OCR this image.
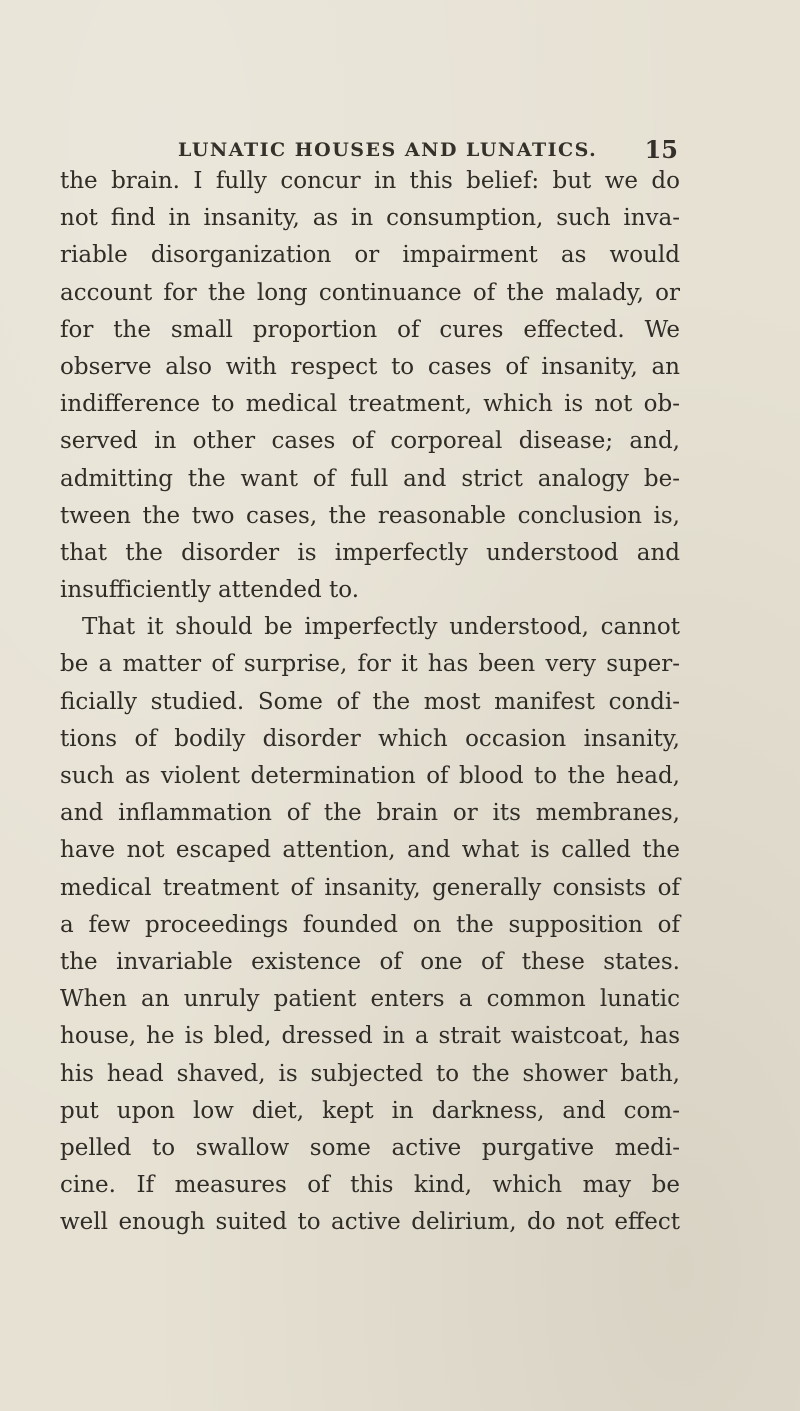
LUNATIC HOUSES AND LUNATICS. 15
the brain. I fully concur in this belief: but we do
not find in insanity, as in consumption, such inva-
riable disorganization or impairment as would
account for the long continuance of the malady, or
for the small proportion of cures effected. We
observe also with respect to cases of insanity, an
indifference to medical treatment, which is not ob-
served in other cases of corporeal disease; and,
admitting the want of full and strict analogy be-
tween the two cases, the reasonable conclusion is,
that the disorder is imperfectly understood and
insufficiently attended to.
That it should be imperfectly understood, cannot
be a matter of surprise, for it has been very super-
ficially studied. Some of the most manifest condi-
tions of bodily disorder which occasion insanity,
such as violent determination of blood to the head,
and inflammation of the brain or its membranes,
have not escaped attention, and what is called the
medical treatment of insanity, generally consists of
a few proceedings founded on the supposition of
the invariable existence of one of these states.
When an unruly patient enters a common lunatic
house, he is bled, dressed in a strait waistcoat, has
his head shaved, is subjected to the shower bath,
put upon low diet, kept in darkness, and com-
pelled to swallow some active purgative medi-
cine. If measures of this kind, which may be
well enough suited to active delirium, do not effect
